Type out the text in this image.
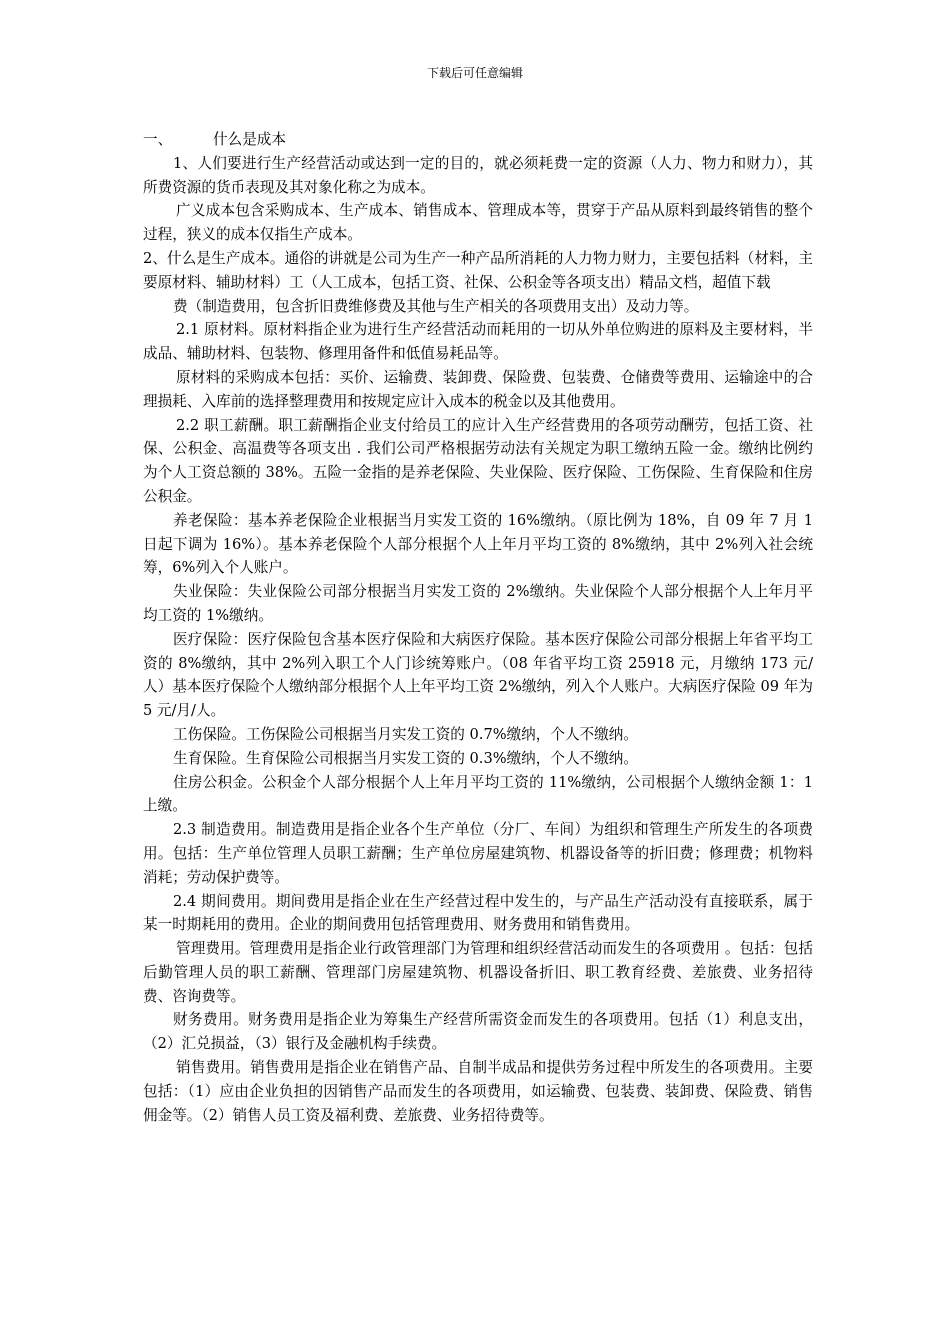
下载后可任意编辑

一、	什么是成本

1、人们要进行生产经营活动或达到一定的目的，就必须耗费一定的资源（人力、物力和财力），其所费资源的货币表现及其对象化称之为成本。

广义成本包含采购成本、生产成本、销售成本、管理成本等，贯穿于产品从原料到最终销售的整个过程，狭义的成本仅指生产成本。

2、什么是生产成本。通俗的讲就是公司为生产一种产品所消耗的人力物力财力，主要包括料（材料，主要原材料、辅助材料）工（人工成本，包括工资、社保、公积金等各项支出）精品文档，超值下载

费（制造费用，包含折旧费维修费及其他与生产相关的各项费用支出）及动力等。

2.1 原材料。原材料指企业为进行生产经营活动而耗用的一切从外单位购进的原料及主要材料，半成品、辅助材料、包装物、修理用备件和低值易耗品等。

原材料的采购成本包括：买价、运输费、装卸费、保险费、包装费、仓储费等费用、运输途中的合理损耗、入库前的选择整理费用和按规定应计入成本的税金以及其他费用。

2.2 职工薪酬。职工薪酬指企业支付给员工的应计入生产经营费用的各项劳动酬劳，包括工资、社保、公积金、高温费等各项支出 . 我们公司严格根据劳动法有关规定为职工缴纳五险一金。缴纳比例约为个人工资总额的 38%。五险一金指的是养老保险、失业保险、医疗保险、工伤保险、生育保险和住房公积金。

养老保险：基本养老保险企业根据当月实发工资的 16%缴纳。（原比例为 18%，自 09 年 7 月 1 日起下调为 16%）。基本养老保险个人部分根据个人上年月平均工资的 8%缴纳，其中 2%列入社会统筹，6%列入个人账户。

失业保险：失业保险公司部分根据当月实发工资的 2%缴纳。失业保险个人部分根据个人上年月平均工资的 1%缴纳。

医疗保险：医疗保险包含基本医疗保险和大病医疗保险。基本医疗保险公司部分根据上年省平均工资的 8%缴纳，其中 2%列入职工个人门诊统筹账户。（08 年省平均工资 25918 元，月缴纳 173 元/人）基本医疗保险个人缴纳部分根据个人上年平均工资 2%缴纳，列入个人账户。大病医疗保险 09 年为 5 元/月/人。

工伤保险。工伤保险公司根据当月实发工资的 0.7%缴纳，个人不缴纳。

生育保险。生育保险公司根据当月实发工资的 0.3%缴纳，个人不缴纳。

住房公积金。公积金个人部分根据个人上年月平均工资的 11%缴纳，公司根据个人缴纳金额 1：1 上缴。

2.3 制造费用。制造费用是指企业各个生产单位（分厂、车间）为组织和管理生产所发生的各项费用。包括：生产单位管理人员职工薪酬；生产单位房屋建筑物、机器设备等的折旧费；修理费；机物料消耗；劳动保护费等。

2.4 期间费用。期间费用是指企业在生产经营过程中发生的，与产品生产活动没有直接联系，属于某一时期耗用的费用。企业的期间费用包括管理费用、财务费用和销售费用。

管理费用。管理费用是指企业行政管理部门为管理和组织经营活动而发生的各项费用 。包括：包括后勤管理人员的职工薪酬、管理部门房屋建筑物、机器设备折旧、职工教育经费、差旅费、业务招待费、咨询费等。

财务费用。财务费用是指企业为筹集生产经营所需资金而发生的各项费用。包括（1）利息支出，（2）汇兑损益，（3）银行及金融机构手续费。

销售费用。销售费用是指企业在销售产品、自制半成品和提供劳务过程中所发生的各项费用。主要包括：（1）应由企业负担的因销售产品而发生的各项费用，如运输费、包装费、装卸费、保险费、销售佣金等。（2）销售人员工资及福利费、差旅费、业务招待费等。
